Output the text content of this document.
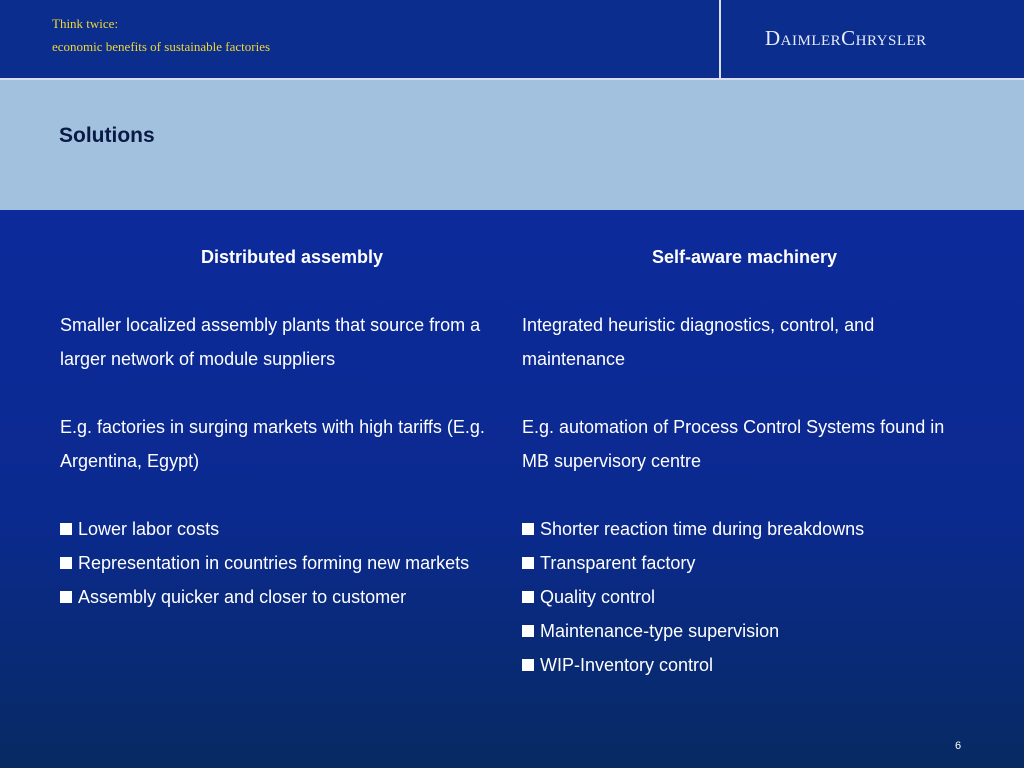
Think twice:
economic benefits of sustainable factories	DaimlerChrysler
Solutions
Distributed assembly

Smaller localized assembly plants that source from a larger network of module suppliers

E.g. factories in surging markets with high tariffs (E.g. Argentina, Egypt)

Lower labor costs
Representation in countries forming new markets
Assembly quicker and closer to customer
Self-aware machinery

Integrated heuristic diagnostics, control, and maintenance

E.g. automation of Process Control Systems found in MB supervisory centre

Shorter reaction time during breakdowns
Transparent factory
Quality control
Maintenance-type supervision
WIP-Inventory control
6
